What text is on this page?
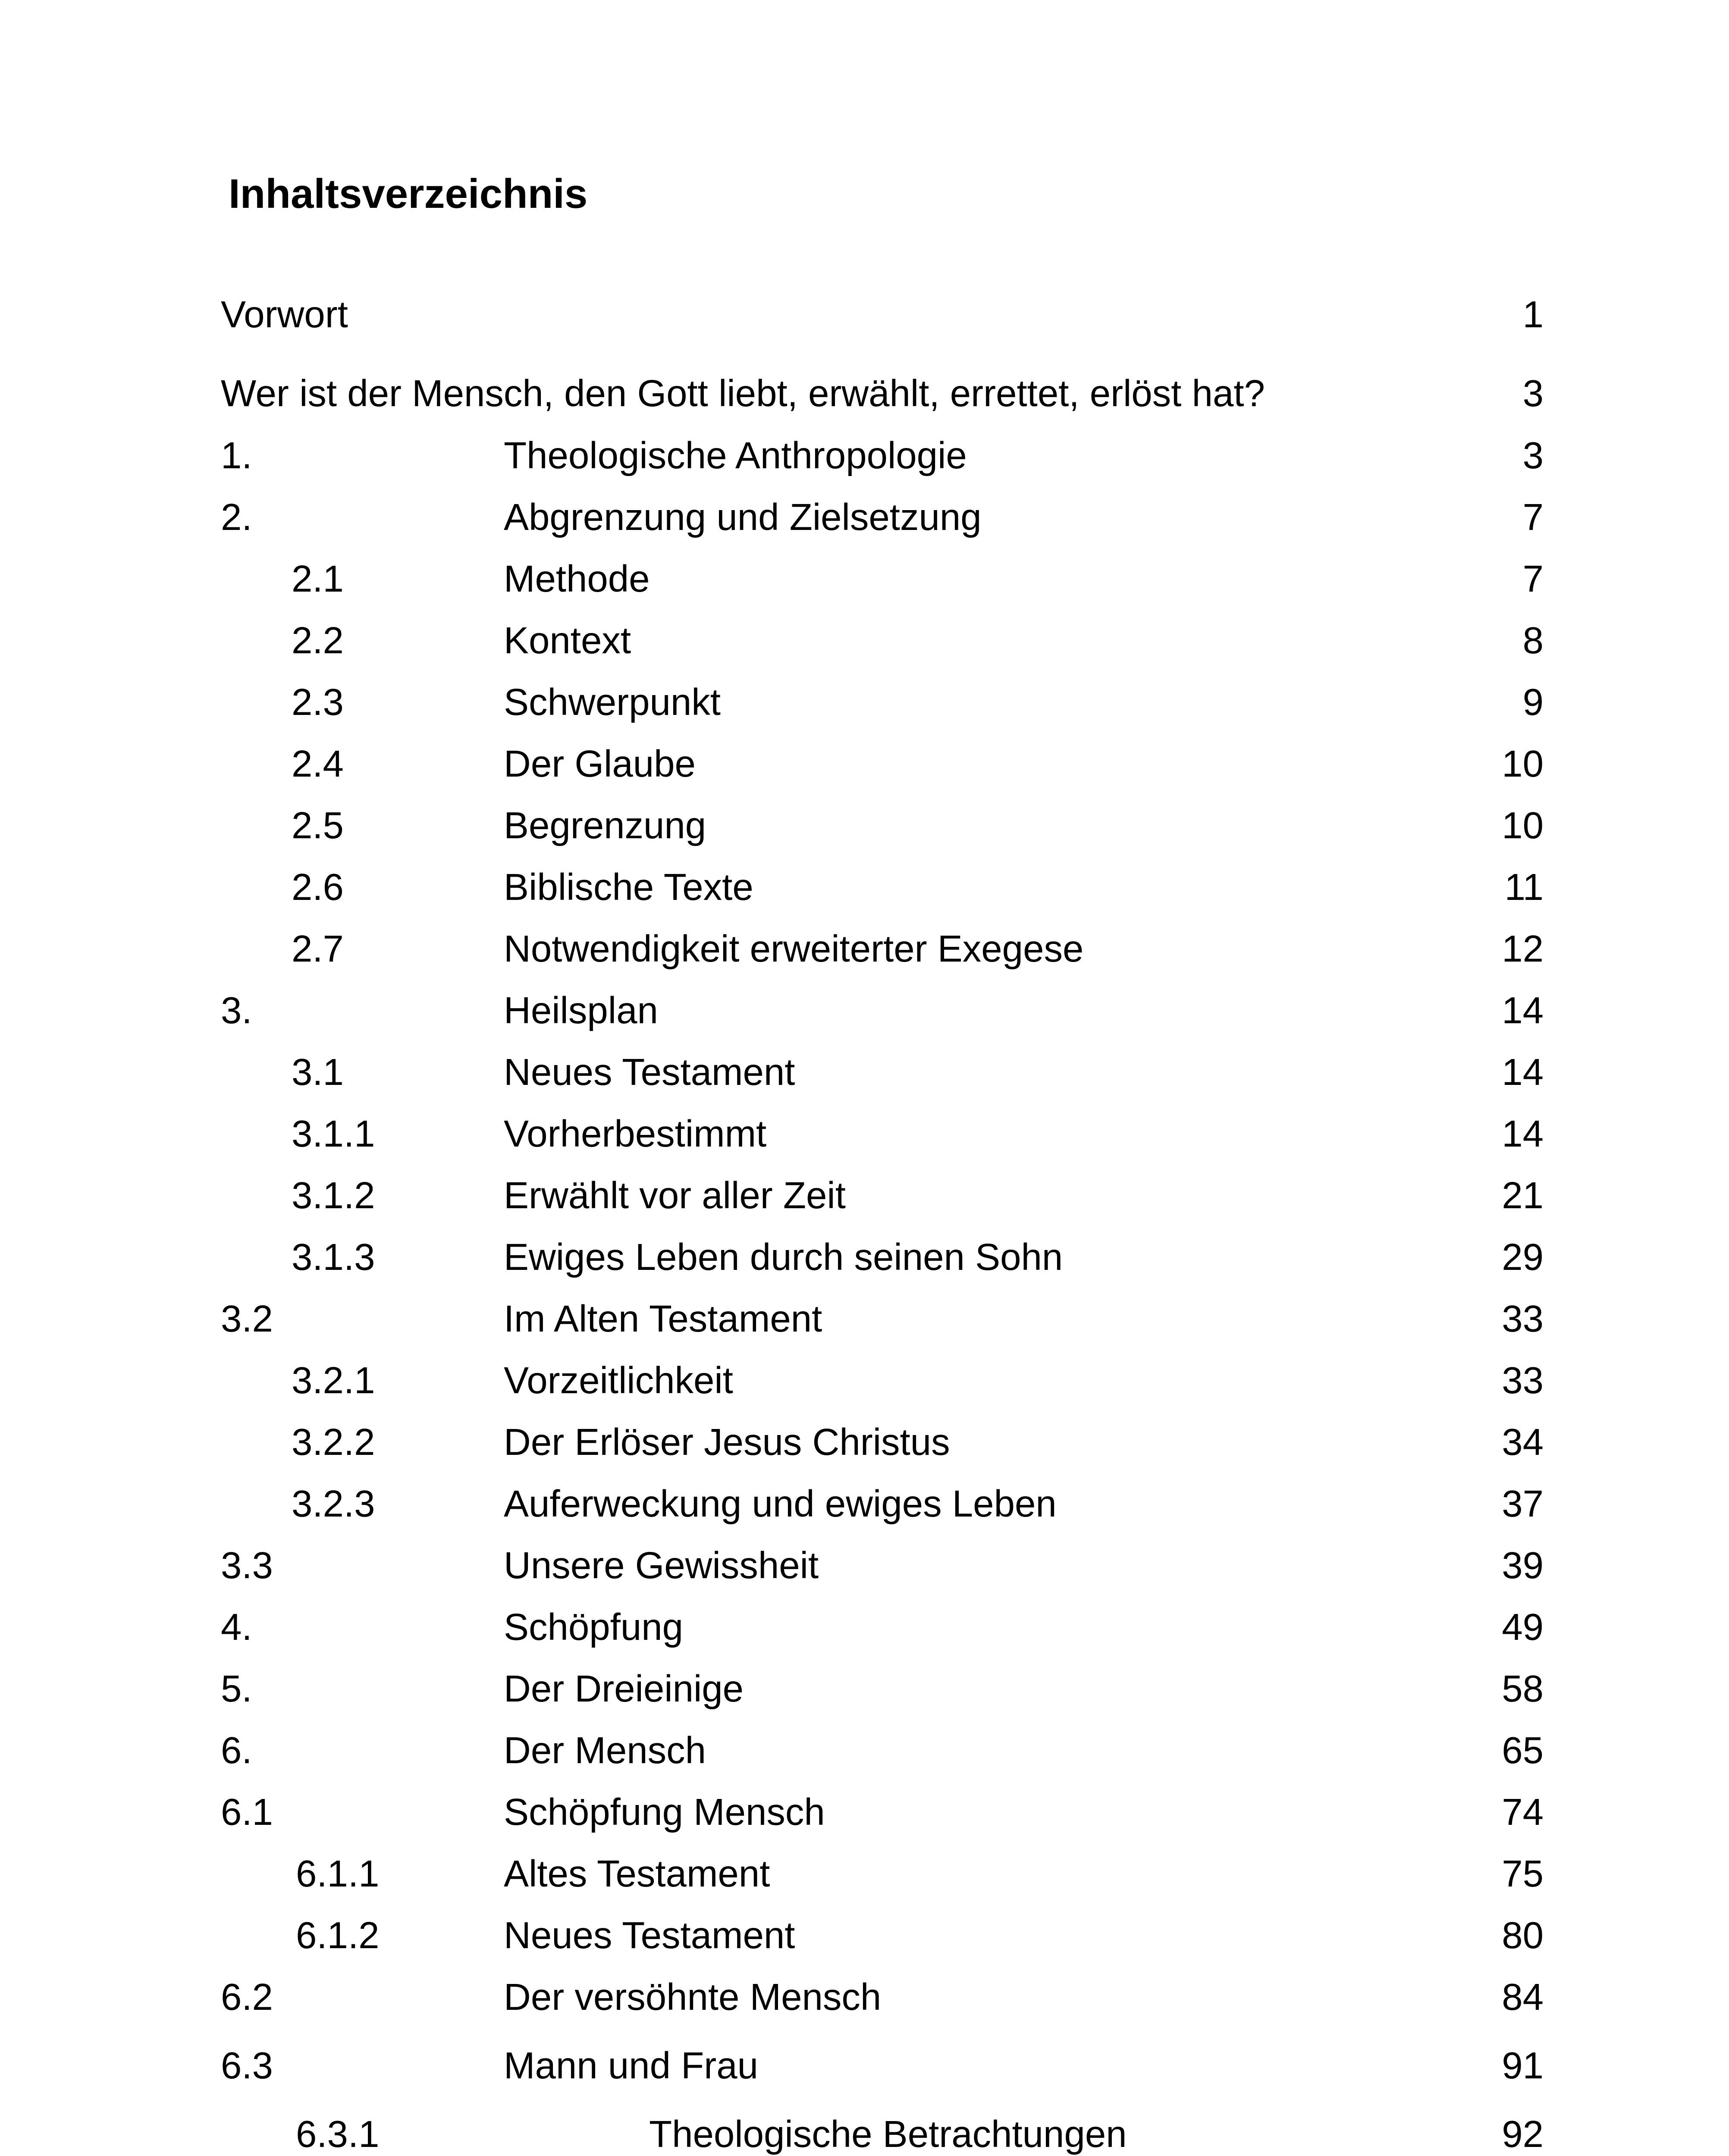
Inhaltsverzeichnis
Vorwort	1
Wer ist der Mensch, den Gott liebt, erwählt, errettet, erlöst hat?	3
1.	Theologische Anthropologie	3
2.	Abgrenzung und Zielsetzung	7
2.1	Methode	7
2.2	Kontext	8
2.3	Schwerpunkt	9
2.4	Der Glaube	10
2.5	Begrenzung	10
2.6	Biblische Texte	11
2.7	Notwendigkeit erweiterter Exegese	12
3.	Heilsplan	14
3.1	Neues Testament	14
3.1.1	Vorherbestimmt	14
3.1.2	Erwählt vor aller Zeit	21
3.1.3	Ewiges Leben durch seinen Sohn	29
3.2	Im Alten Testament	33
3.2.1	Vorzeitlichkeit	33
3.2.2	Der Erlöser Jesus Christus	34
3.2.3	Auferweckung und ewiges Leben	37
3.3	Unsere Gewissheit	39
4.	Schöpfung	49
5.	Der Dreieinige	58
6.	Der Mensch	65
6.1	Schöpfung Mensch	74
6.1.1	Altes Testament	75
6.1.2	Neues Testament	80
6.2	Der versöhnte Mensch	84
6.3	Mann und Frau	91
6.3.1	Theologische Betrachtungen	92
